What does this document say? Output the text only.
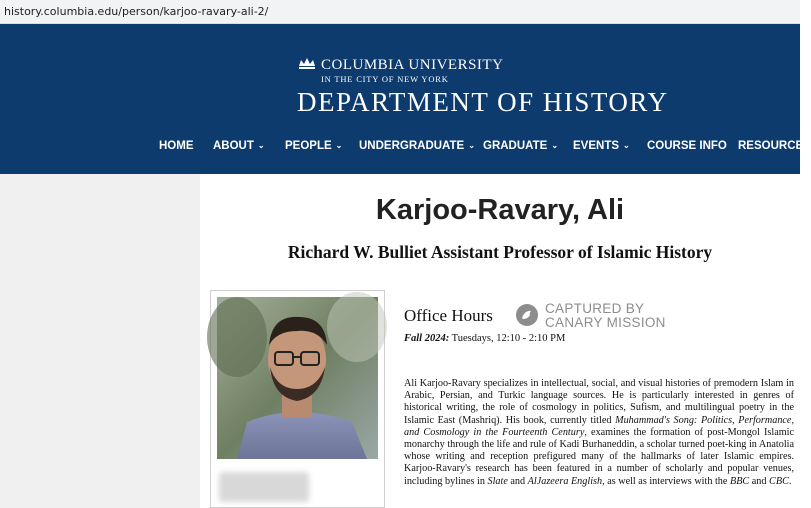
history.columbia.edu/person/karjoo-ravary-ali-2/
COLUMBIA UNIVERSITY
IN THE CITY OF NEW YORK
DEPARTMENT OF HISTORY
HOME ABOUT ⌄ PEOPLE ⌄ UNDERGRADUATE ⌄ GRADUATE ⌄ EVENTS ⌄ COURSE INFO RESOURCES
Karjoo-Ravary, Ali
Richard W. Bulliet Assistant Professor of Islamic History
Office Hours	CAPTURED BY
CANARY MISSION
Fall 2024: Tuesdays, 12:10 - 2:10 PM

Ali Karjoo-Ravary specializes in intellectual, social, and visual histories of premodern Islam in Arabic, Persian, and Turkic language sources. He is particularly interested in genres of historical writing, the role of cosmology in politics, Sufism, and multilingual poetry in the Islamic East (Mashriq). His book, currently titled Muhammad's Song: Politics, Performance, and Cosmology in the Fourteenth Century, examines the formation of post-Mongol Islamic monarchy through the life and rule of Kadi Burhaneddin, a scholar turned poet-king in Anatolia whose writing and reception prefigured many of the hallmarks of later Islamic empires. Karjoo-Ravary's research has been featured in a number of scholarly and popular venues, including bylines in Slate and AlJazeera English, as well as interviews with the BBC and CBC.
